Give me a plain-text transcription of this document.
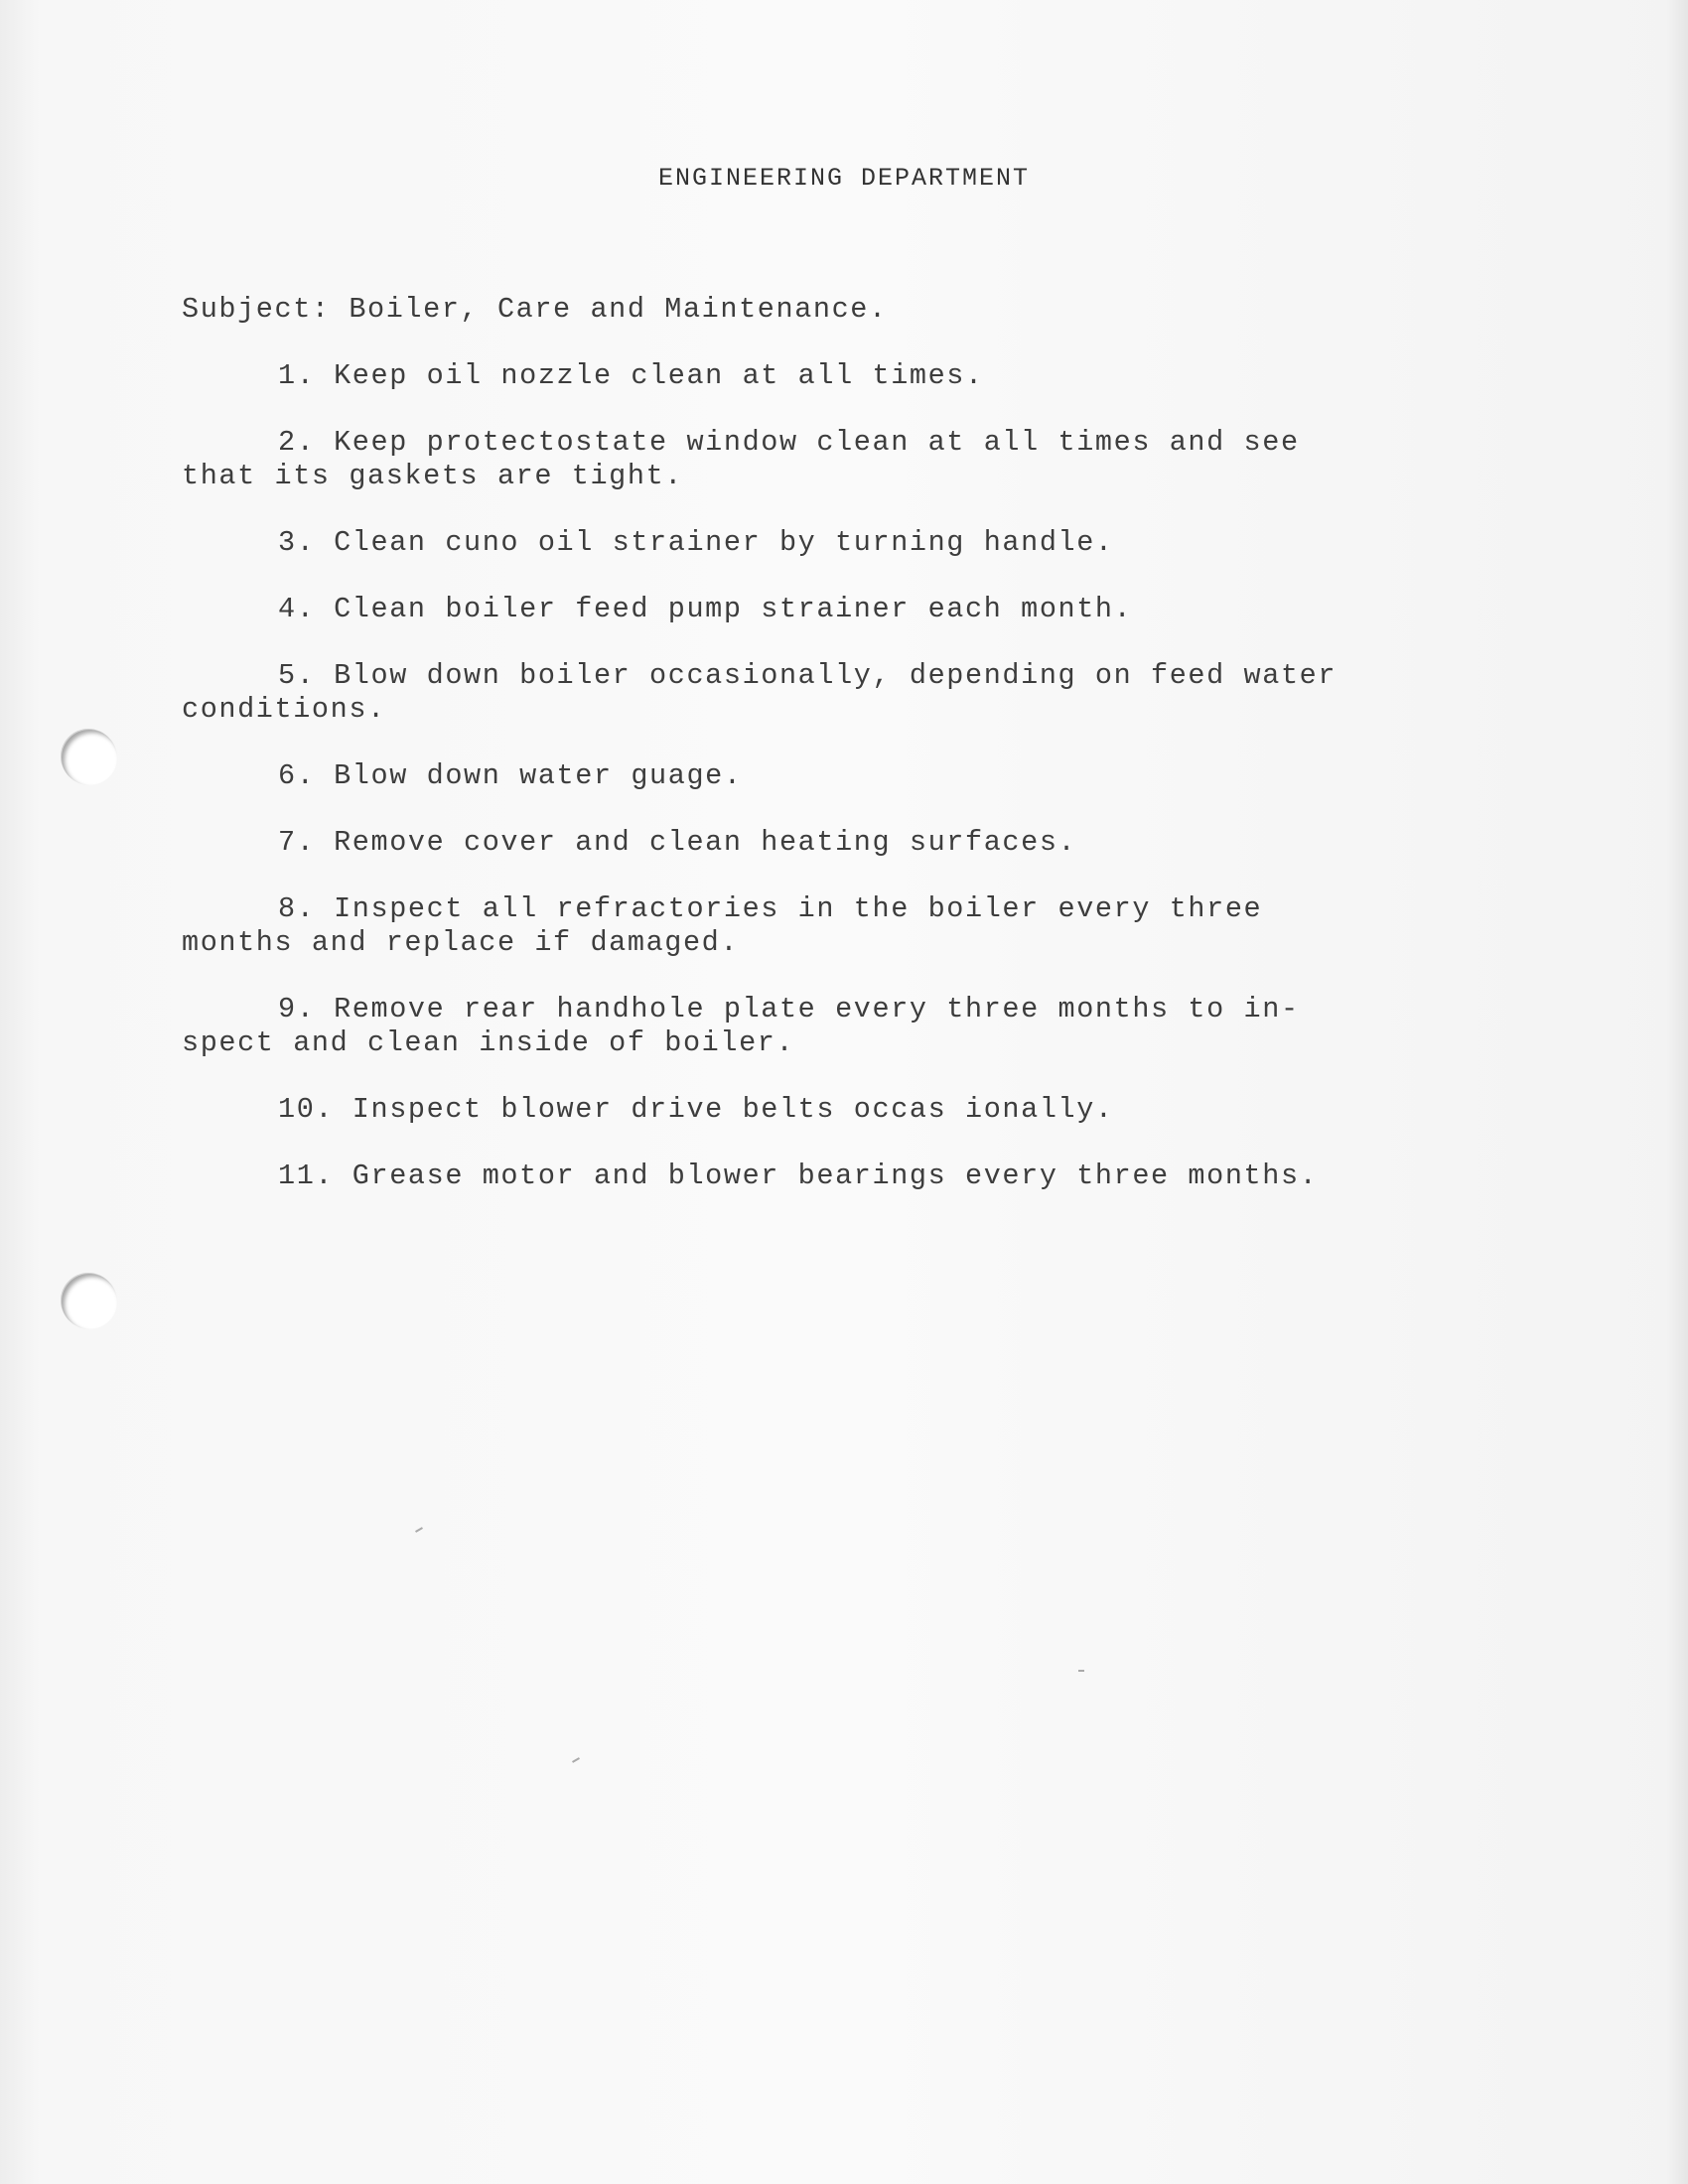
ENGINEERING DEPARTMENT
Subject: Boiler, Care and Maintenance.
1. Keep oil nozzle clean at all times.
2. Keep protectostate window clean at all times and see
that its gaskets are tight.
3. Clean cuno oil strainer by turning handle.
4. Clean boiler feed pump strainer each month.
5. Blow down boiler occasionally, depending on feed water
conditions.
6. Blow down water guage.
7. Remove cover and clean heating surfaces.
8. Inspect all refractories in the boiler every three
months and replace if damaged.
9. Remove rear handhole plate every three months to in-
spect and clean inside of boiler.
10. Inspect blower drive belts occas ionally.
11. Grease motor and blower bearings every three months.
